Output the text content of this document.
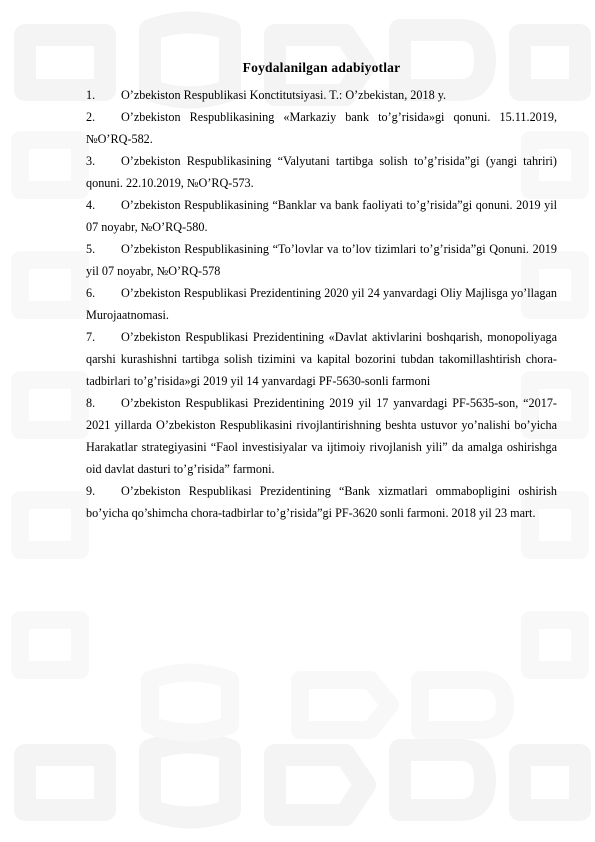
Foydalanilgan adabiyotlar
1. O’zbekiston Respublikasi Konctitutsiyasi. T.: O’zbekistan, 2018 y.
2. O’zbekiston Respublikasining «Markaziy bank to’g’risida»gi qonuni. 15.11.2019, №O’RQ-582.
3. O’zbekiston Respublikasining “Valyutani tartibga solish to’g’risida”gi (yangi tahriri) qonuni. 22.10.2019, №O’RQ-573.
4. O’zbekiston Respublikasining “Banklar va bank faoliyati to’g’risida”gi qonuni. 2019 yil 07 noyabr, №O’RQ-580.
5. O’zbekiston Respublikasining “To’lovlar va to’lov tizimlari to’g’risida”gi Qonuni. 2019 yil 07 noyabr, №O’RQ-578
6. O’zbekiston Respublikasi Prezidentining 2020 yil 24 yanvardagi Oliy Majlisga yo’llagan Murojaatnomasi.
7. O’zbekiston Respublikasi Prezidentining «Davlat aktivlarini boshqarish, monopoliyaga qarshi kurashishni tartibga solish tizimini va kapital bozorini tubdan takomillashtirish chora-tadbirlari to’g’risida»gi 2019 yil 14 yanvardagi PF-5630-sonli farmoni
8. O’zbekiston Respublikasi Prezidentining 2019 yil 17 yanvardagi PF-5635-son, “2017-2021 yillarda O’zbekiston Respublikasini rivojlantirishning beshta ustuvor yo’nalishi bo’yicha Harakatlar strategiyasini “Faol investisiyalar va ijtimoiy rivojlanish yili” da amalga oshirishga oid davlat dasturi to’g’risida” farmoni.
9. O’zbekiston Respublikasi Prezidentining “Bank xizmatlari ommabopligini oshirish bo’yicha qo’shimcha chora-tadbirlar to’g’risida”gi PF-3620 sonli farmoni. 2018 yil 23 mart.
